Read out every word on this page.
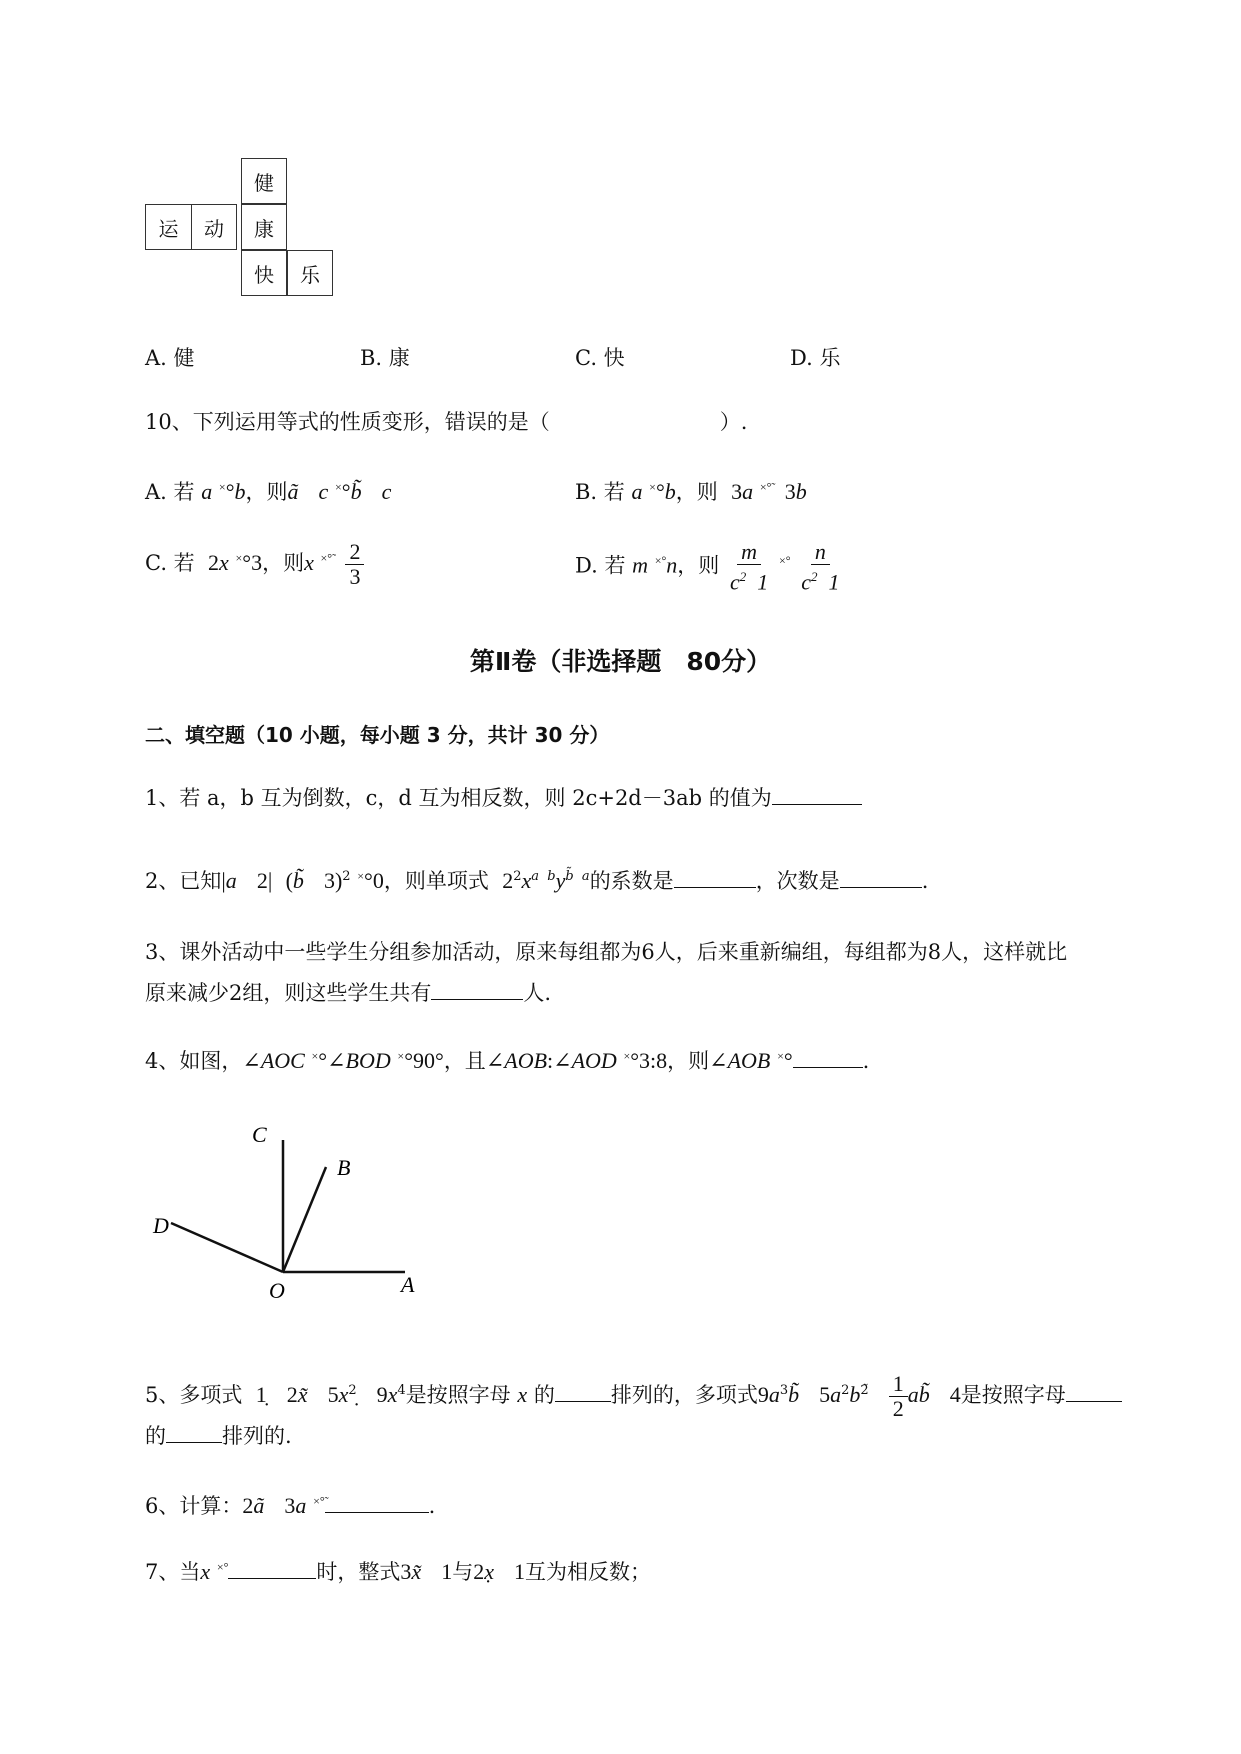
健
运	动	康
快	乐
A. 健	B. 康	C. 快	D. 乐
10、下列运用等式的性质变形，错误的是（	）.
A. 若 a ×°b，则ã c ×°b̃ c	B. 若 a ×°b，则 3a ×°̃ 3b
C. 若 2x ×°3，则x $^{\times^\circ̃} \frac{2}{3}$	D. 若 m ×°n，则 $\frac{m}{c^2 1} ^{\times^\circ} \frac{n}{c^2 1}$
第Ⅱ卷（非选择题　80分）
二、填空题（10 小题，每小题 3 分，共计 30 分）
1、若 a，b 互为倒数，c，d 互为相反数，则 2c+2d－3ab 的值为
2、已知|a 2| (b̃ 3)$^2$ ×°0，则单项式 $2^2x^{a b}y^{b̃ a}$的系数是	，次数是	.
3、课外活动中一些学生分组参加活动，原来每组都为6人，后来重新编组，每组都为8人，这样就比
原来减少2组，则这些学生共有	人.
4、如图，∠AOC ×°∠BOD ×°90°，且∠AOB:∠AOD ×°3:8，则∠AOB ×°	.
C
B
D
O	A
5、多项式 1̣ 2x̃ $5x^2$ $9x^4$是按照字母 x 的	排列的，多项式$9a^3b̃$ $5a^2b^{2̃} \frac{1}{2}$ ab̃ 4是按照字母
的	排列的.
6、计算：2ã 3a ×°̃	.
7、当x ×°	时，整式3x̃ 1与2x̣ 1互为相反数；
